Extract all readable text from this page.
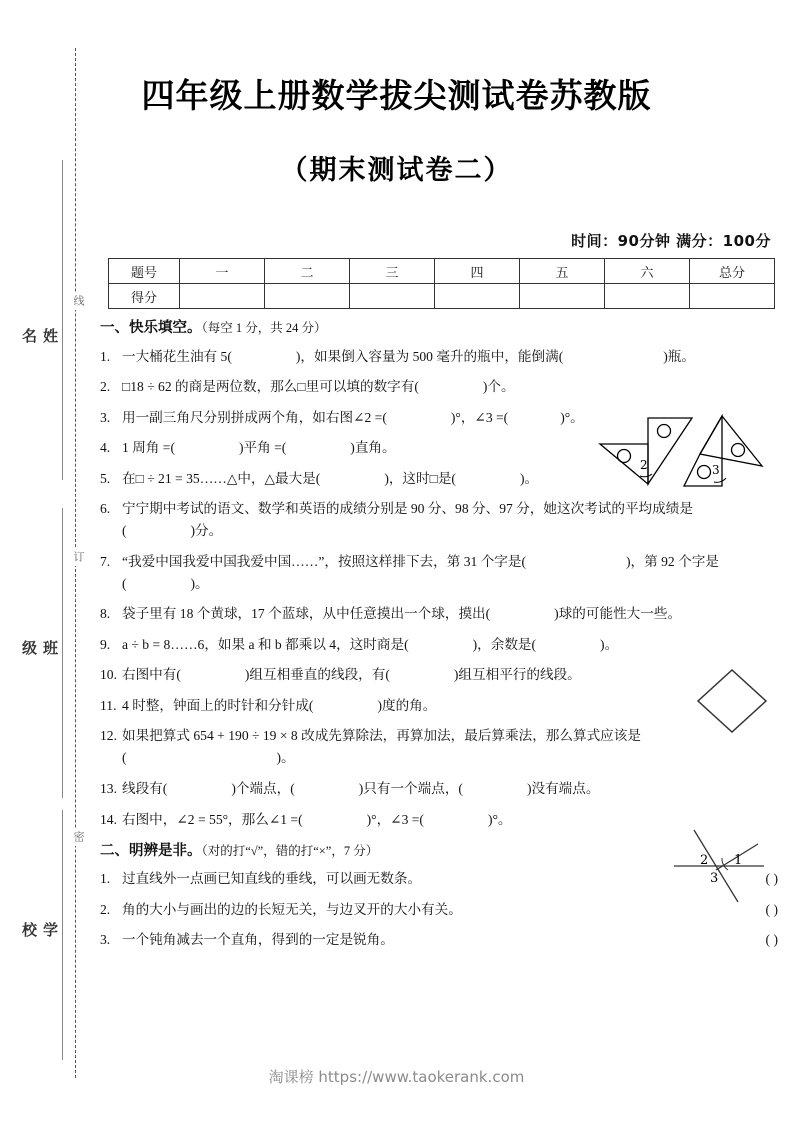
线
订
密
姓名
班级
学校
四年级上册数学拔尖测试卷苏教版
（期末测试卷二）
时间：90分钟 满分：100分
题号	一	二	三	四	五	六	总分
得分							
一、快乐填空。（每空 1 分，共 24 分）
1. 一大桶花生油有 5(	)，如果倒入容量为 500 毫升的瓶中，能倒满(	)瓶。
2. □18 ÷ 62 的商是两位数，那么□里可以填的数字有(	)个。
3. 用一副三角尺分别拼成两个角，如右图∠2 =(	)°，∠3 =(	)°。
4. 1 周角 =(	)平角 =(	)直角。
5. 在□ ÷ 21 = 35……△中，△最大是(	)，这时□是(	)。
6. 宁宁期中考试的语文、数学和英语的成绩分别是 90 分、98 分、97 分，她这次考试的平均成绩是
(	)分。
7. “我爱中国我爱中国我爱中国……”，按照这样排下去，第 31 个字是(	)，第 92 个字是
(	)。
8. 袋子里有 18 个黄球，17 个蓝球，从中任意摸出一个球，摸出(	)球的可能性大一些。
9. a ÷ b = 8……6，如果 a 和 b 都乘以 4，这时商是(	)，余数是(	)。
10. 右图中有(	)组互相垂直的线段，有(	)组互相平行的线段。
11. 4 时整，钟面上的时针和分针成(	)度的角。
12. 如果把算式 654 + 190 ÷ 19 × 8 改成先算除法，再算加法，最后算乘法，那么算式应该是
(	)。
13. 线段有(	)个端点，(	)只有一个端点，(	)没有端点。
14. 右图中，∠2 = 55°，那么∠1 =(	)°，∠3 =(	)°。
二、明辨是非。（对的打“√”，错的打“×”，7 分）
1. 过直线外一点画已知直线的垂线，可以画无数条。	( )
2. 角的大小与画出的边的长短无关，与边叉开的大小有关。	( )
3. 一个钝角减去一个直角，得到的一定是锐角。	( )
2	3
2 1
3
淘课榜 https://www.taokerank.com
